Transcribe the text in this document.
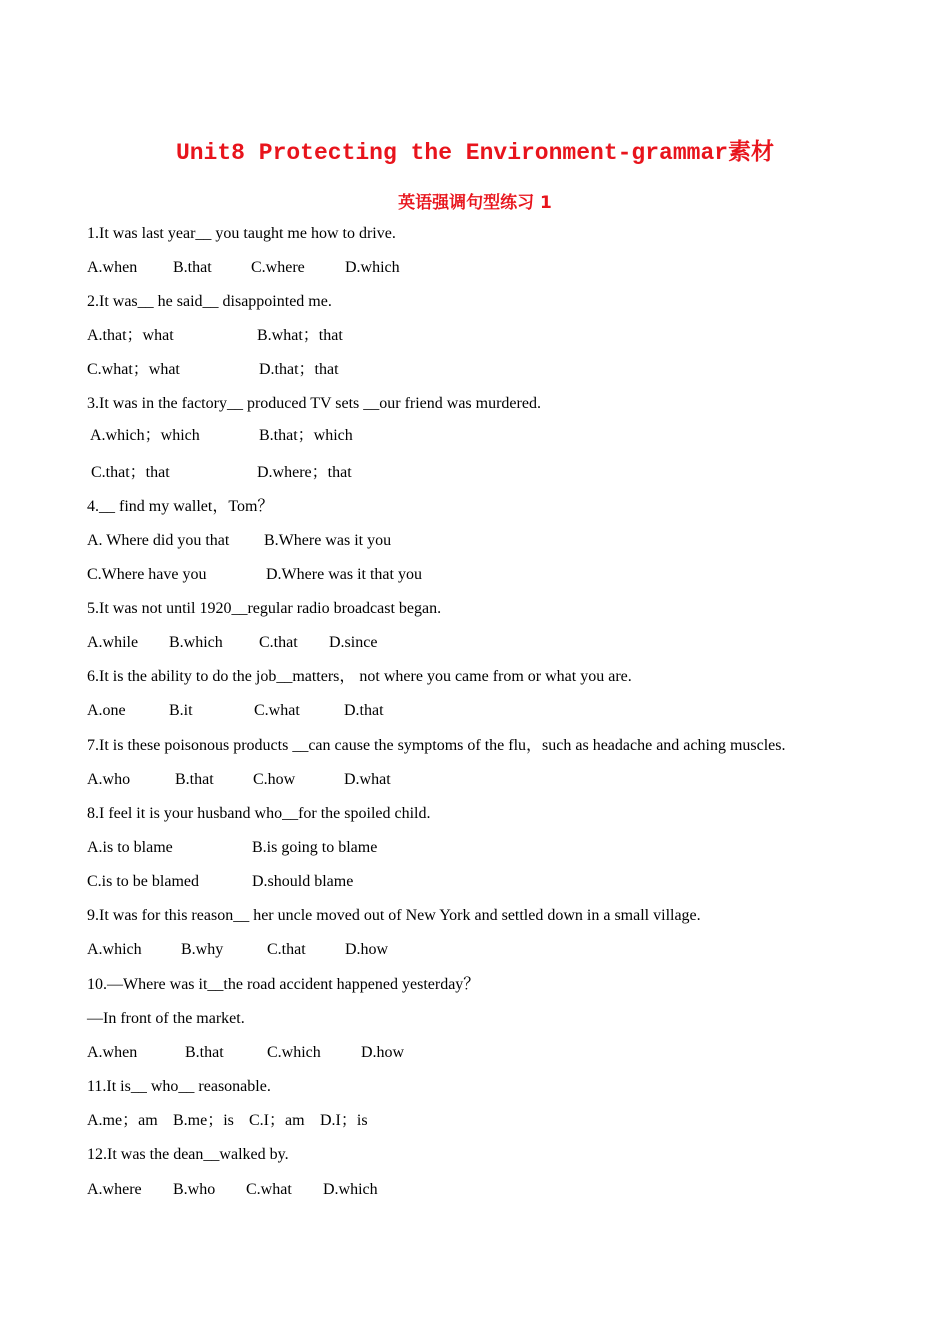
Unit8 Protecting the Environment-grammar素材
英语强调句型练习 1
1.It was last year__ you taught me how to drive.
A.when B.that C.where	D.which
2.It was__ he said__ disappointed me.
A.that；what	B.what；that
C.what；what	D.that；that
3.It was in the factory__ produced TV sets __our friend was murdered.
A.which；which	B.that；which
C.that；that	D.where；that
4.__ find my wallet，Tom？
A. Where did you that B.Where was it you
C.Where have you	D.Where was it that you
5.It was not until 1920__regular radio broadcast began.
A.while B.which C.that D.since
6.It is the ability to do the job__matters， not where you came from or what you are.
A.one	B.it	C.what	D.that
7.It is these poisonous products __can cause the symptoms of the flu，such as headache and aching muscles.
A.who	B.that C.how	D.what
8.I feel it is your husband who__for the spoiled child.
A.is to blame	B.is going to blame
C.is to be blamed	D.should blame
9.It was for this reason__ her uncle moved out of New York and settled down in a small village.
A.which B.why	C.that D.how
10.—Where was it__the road accident happened yesterday？
—In front of the market.
A.when	B.that	C.which	D.how
11.It is__ who__ reasonable.
A.me；am B.me；is C.I；am D.I；is
12.It was the dean__walked by.
A.where B.who C.what D.which
